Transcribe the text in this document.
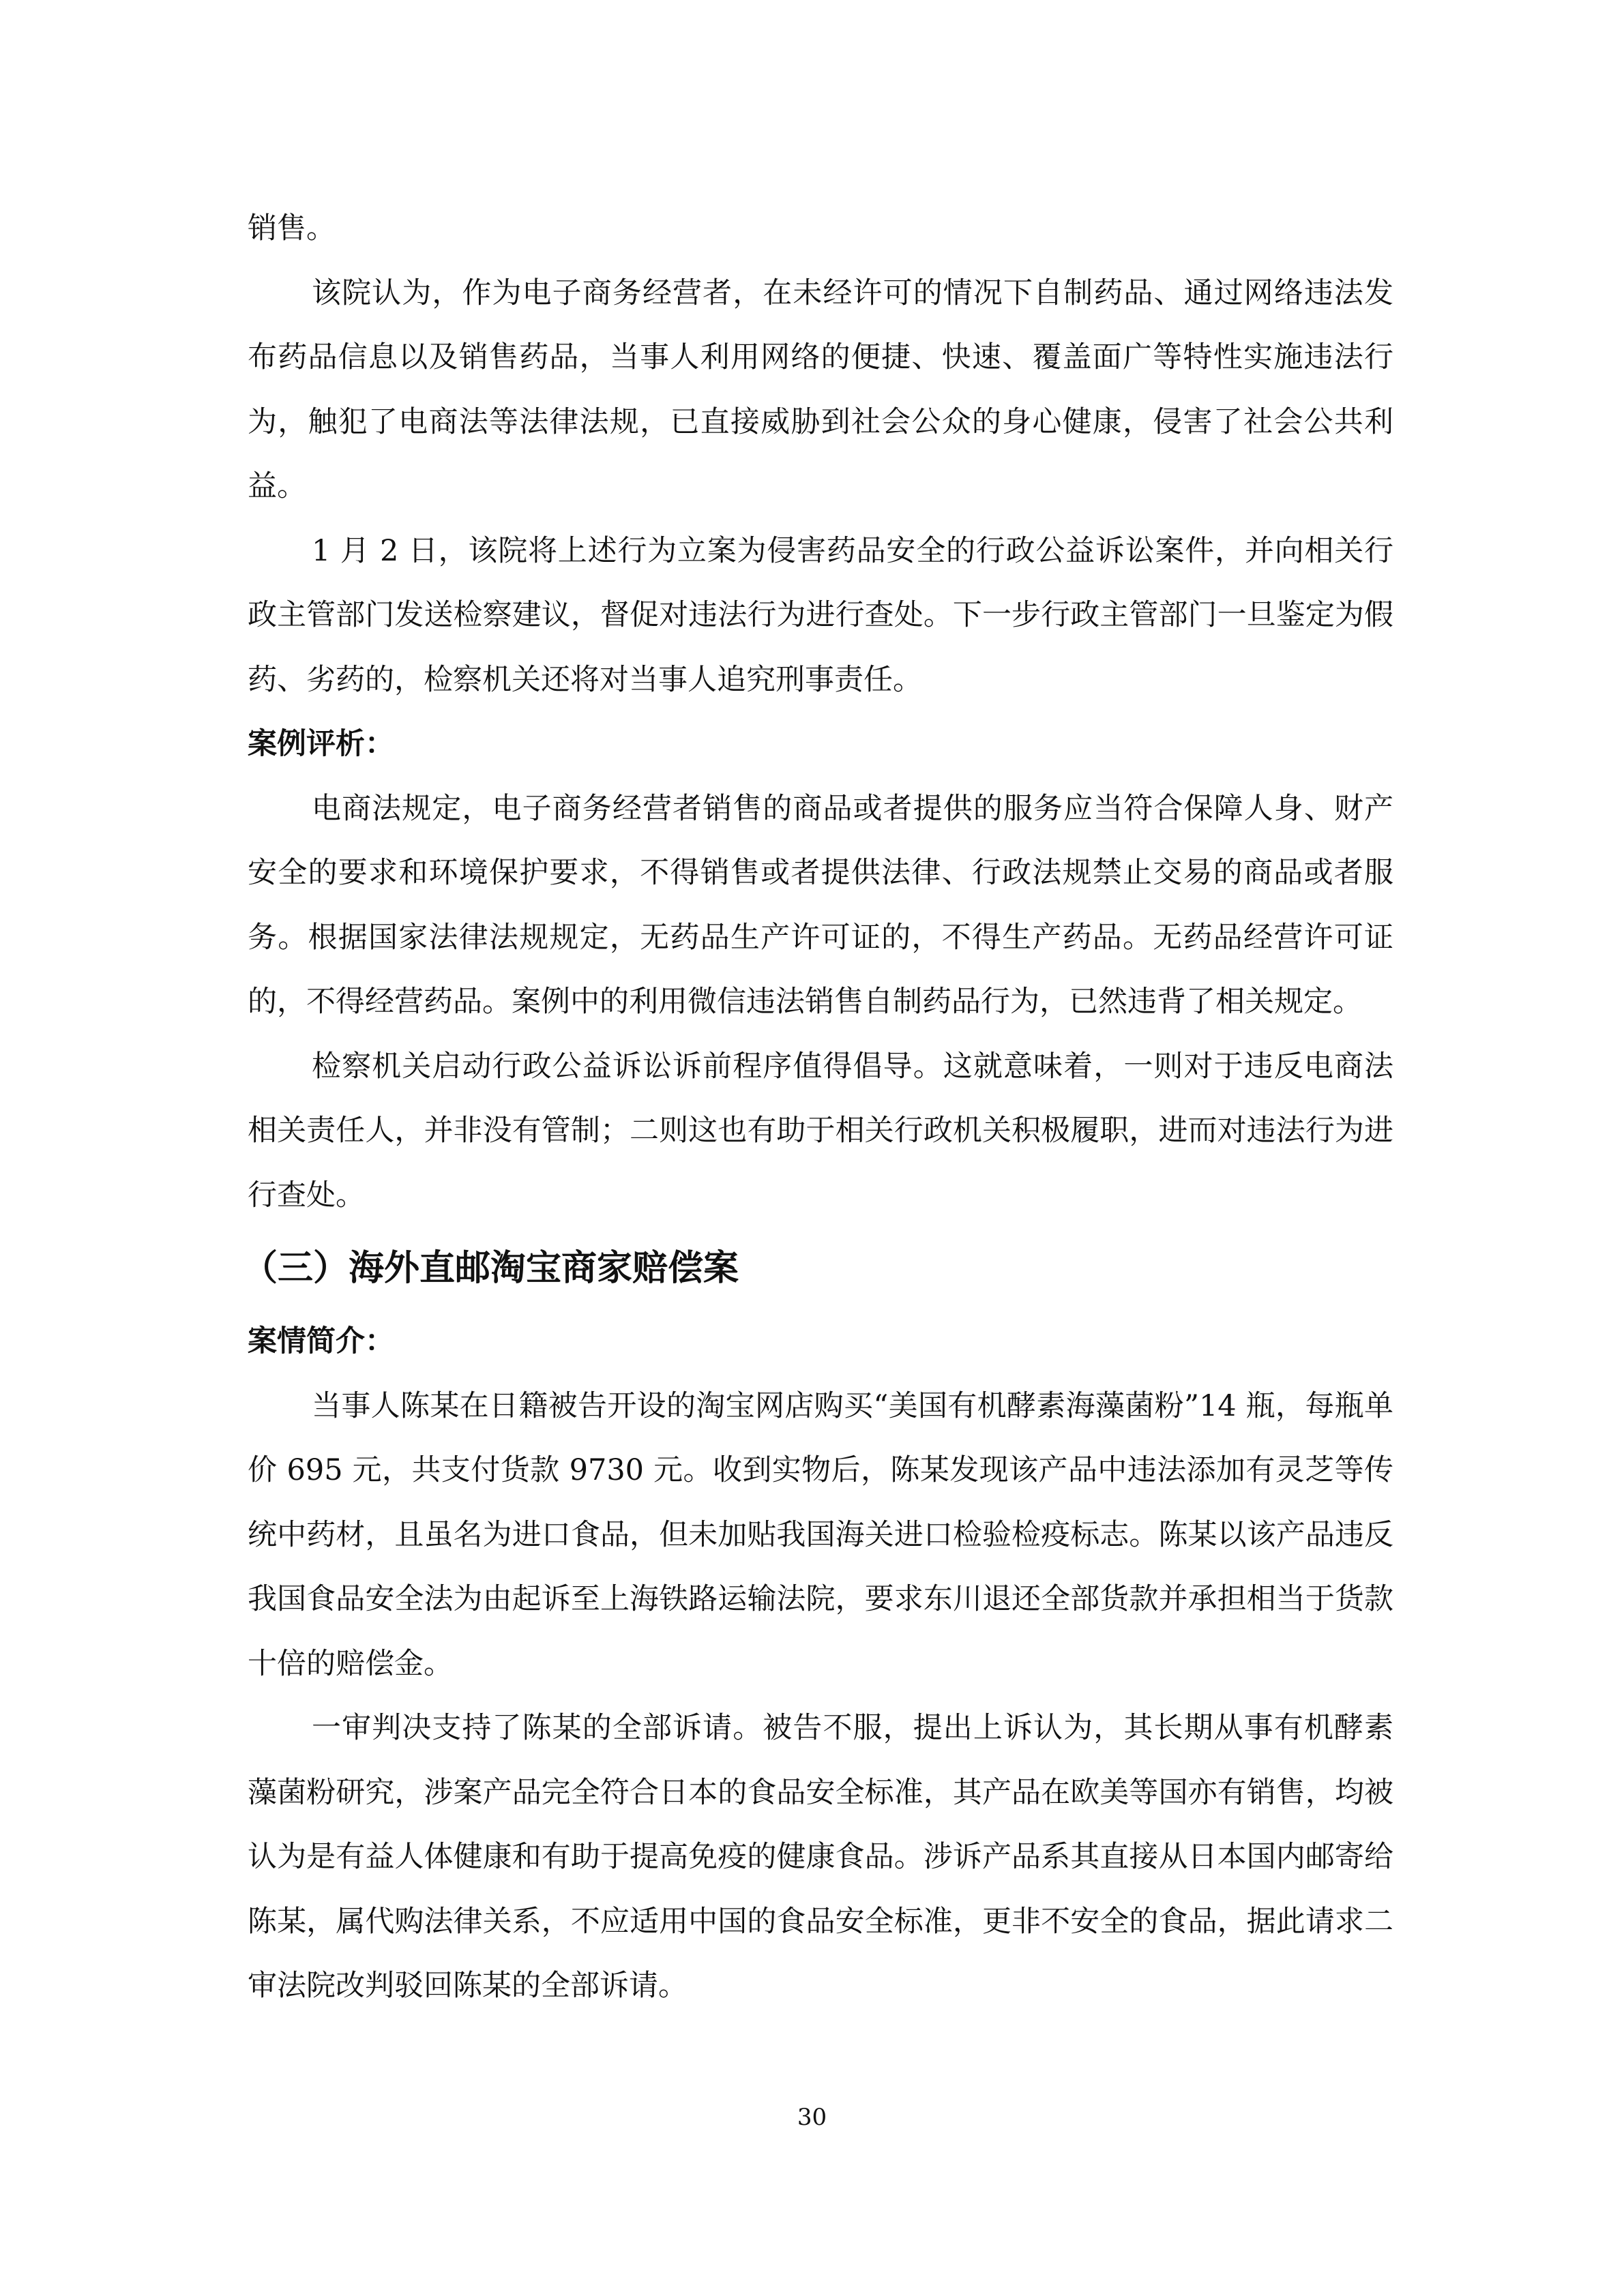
销售。

该院认为，作为电子商务经营者，在未经许可的情况下自制药品、通过网络违法发布药品信息以及销售药品，当事人利用网络的便捷、快速、覆盖面广等特性实施违法行为，触犯了电商法等法律法规，已直接威胁到社会公众的身心健康，侵害了社会公共利益。

1 月 2 日，该院将上述行为立案为侵害药品安全的行政公益诉讼案件，并向相关行政主管部门发送检察建议，督促对违法行为进行查处。下一步行政主管部门一旦鉴定为假药、劣药的，检察机关还将对当事人追究刑事责任。

案例评析：

电商法规定，电子商务经营者销售的商品或者提供的服务应当符合保障人身、财产安全的要求和环境保护要求，不得销售或者提供法律、行政法规禁止交易的商品或者服务。根据国家法律法规规定，无药品生产许可证的，不得生产药品。无药品经营许可证的，不得经营药品。案例中的利用微信违法销售自制药品行为，已然违背了相关规定。

检察机关启动行政公益诉讼诉前程序值得倡导。这就意味着，一则对于违反电商法相关责任人，并非没有管制；二则这也有助于相关行政机关积极履职，进而对违法行为进行查处。

（三）海外直邮淘宝商家赔偿案

案情简介：

当事人陈某在日籍被告开设的淘宝网店购买“美国有机酵素海藻菌粉”14 瓶，每瓶单价 695 元，共支付货款 9730 元。收到实物后，陈某发现该产品中违法添加有灵芝等传统中药材，且虽名为进口食品，但未加贴我国海关进口检验检疫标志。陈某以该产品违反我国食品安全法为由起诉至上海铁路运输法院，要求东川退还全部货款并承担相当于货款十倍的赔偿金。

一审判决支持了陈某的全部诉请。被告不服，提出上诉认为，其长期从事有机酵素藻菌粉研究，涉案产品完全符合日本的食品安全标准，其产品在欧美等国亦有销售，均被认为是有益人体健康和有助于提高免疫的健康食品。涉诉产品系其直接从日本国内邮寄给陈某，属代购法律关系，不应适用中国的食品安全标准，更非不安全的食品，据此请求二审法院改判驳回陈某的全部诉请。

30
